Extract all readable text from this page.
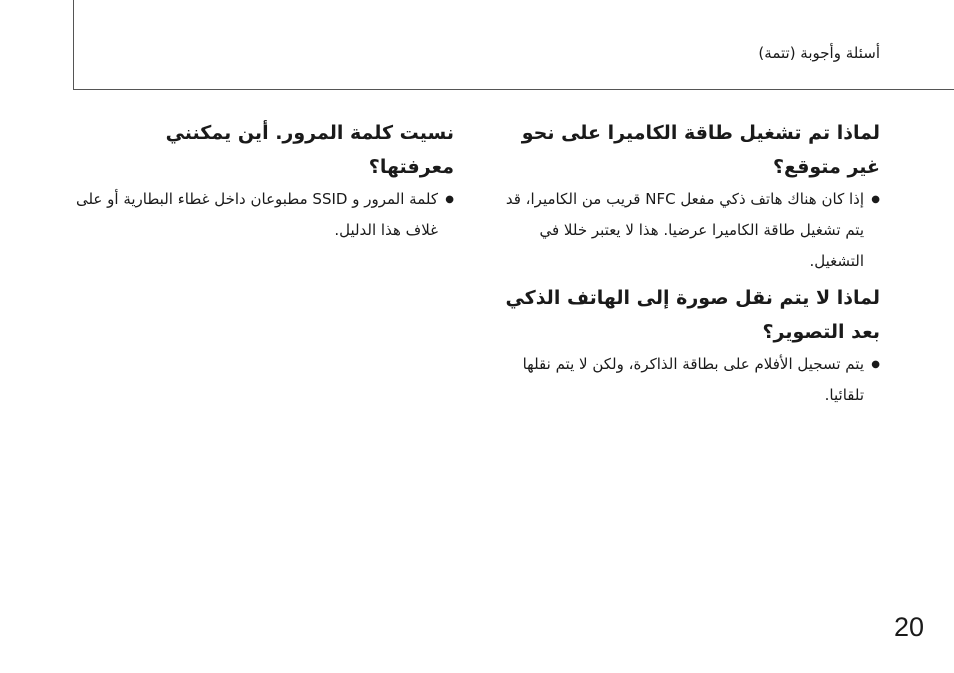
أسئلة وأجوبة (تتمة)

لماذا تم تشغيل طاقة الكاميرا على نحو غير متوقع؟

● إذا كان هناك هاتف ذكي مفعل NFC قريب من الكاميرا، قد يتم تشغيل طاقة الكاميرا عرضيا. هذا لا يعتبر خللا في التشغيل.

لماذا لا يتم نقل صورة إلى الهاتف الذكي بعد التصوير؟

● يتم تسجيل الأفلام على بطاقة الذاكرة، ولكن لا يتم نقلها تلقائيا.

نسيت كلمة المرور. أين يمكنني معرفتها؟

● كلمة المرور و SSID مطبوعان داخل غطاء البطارية أو على غلاف هذا الدليل.

20
